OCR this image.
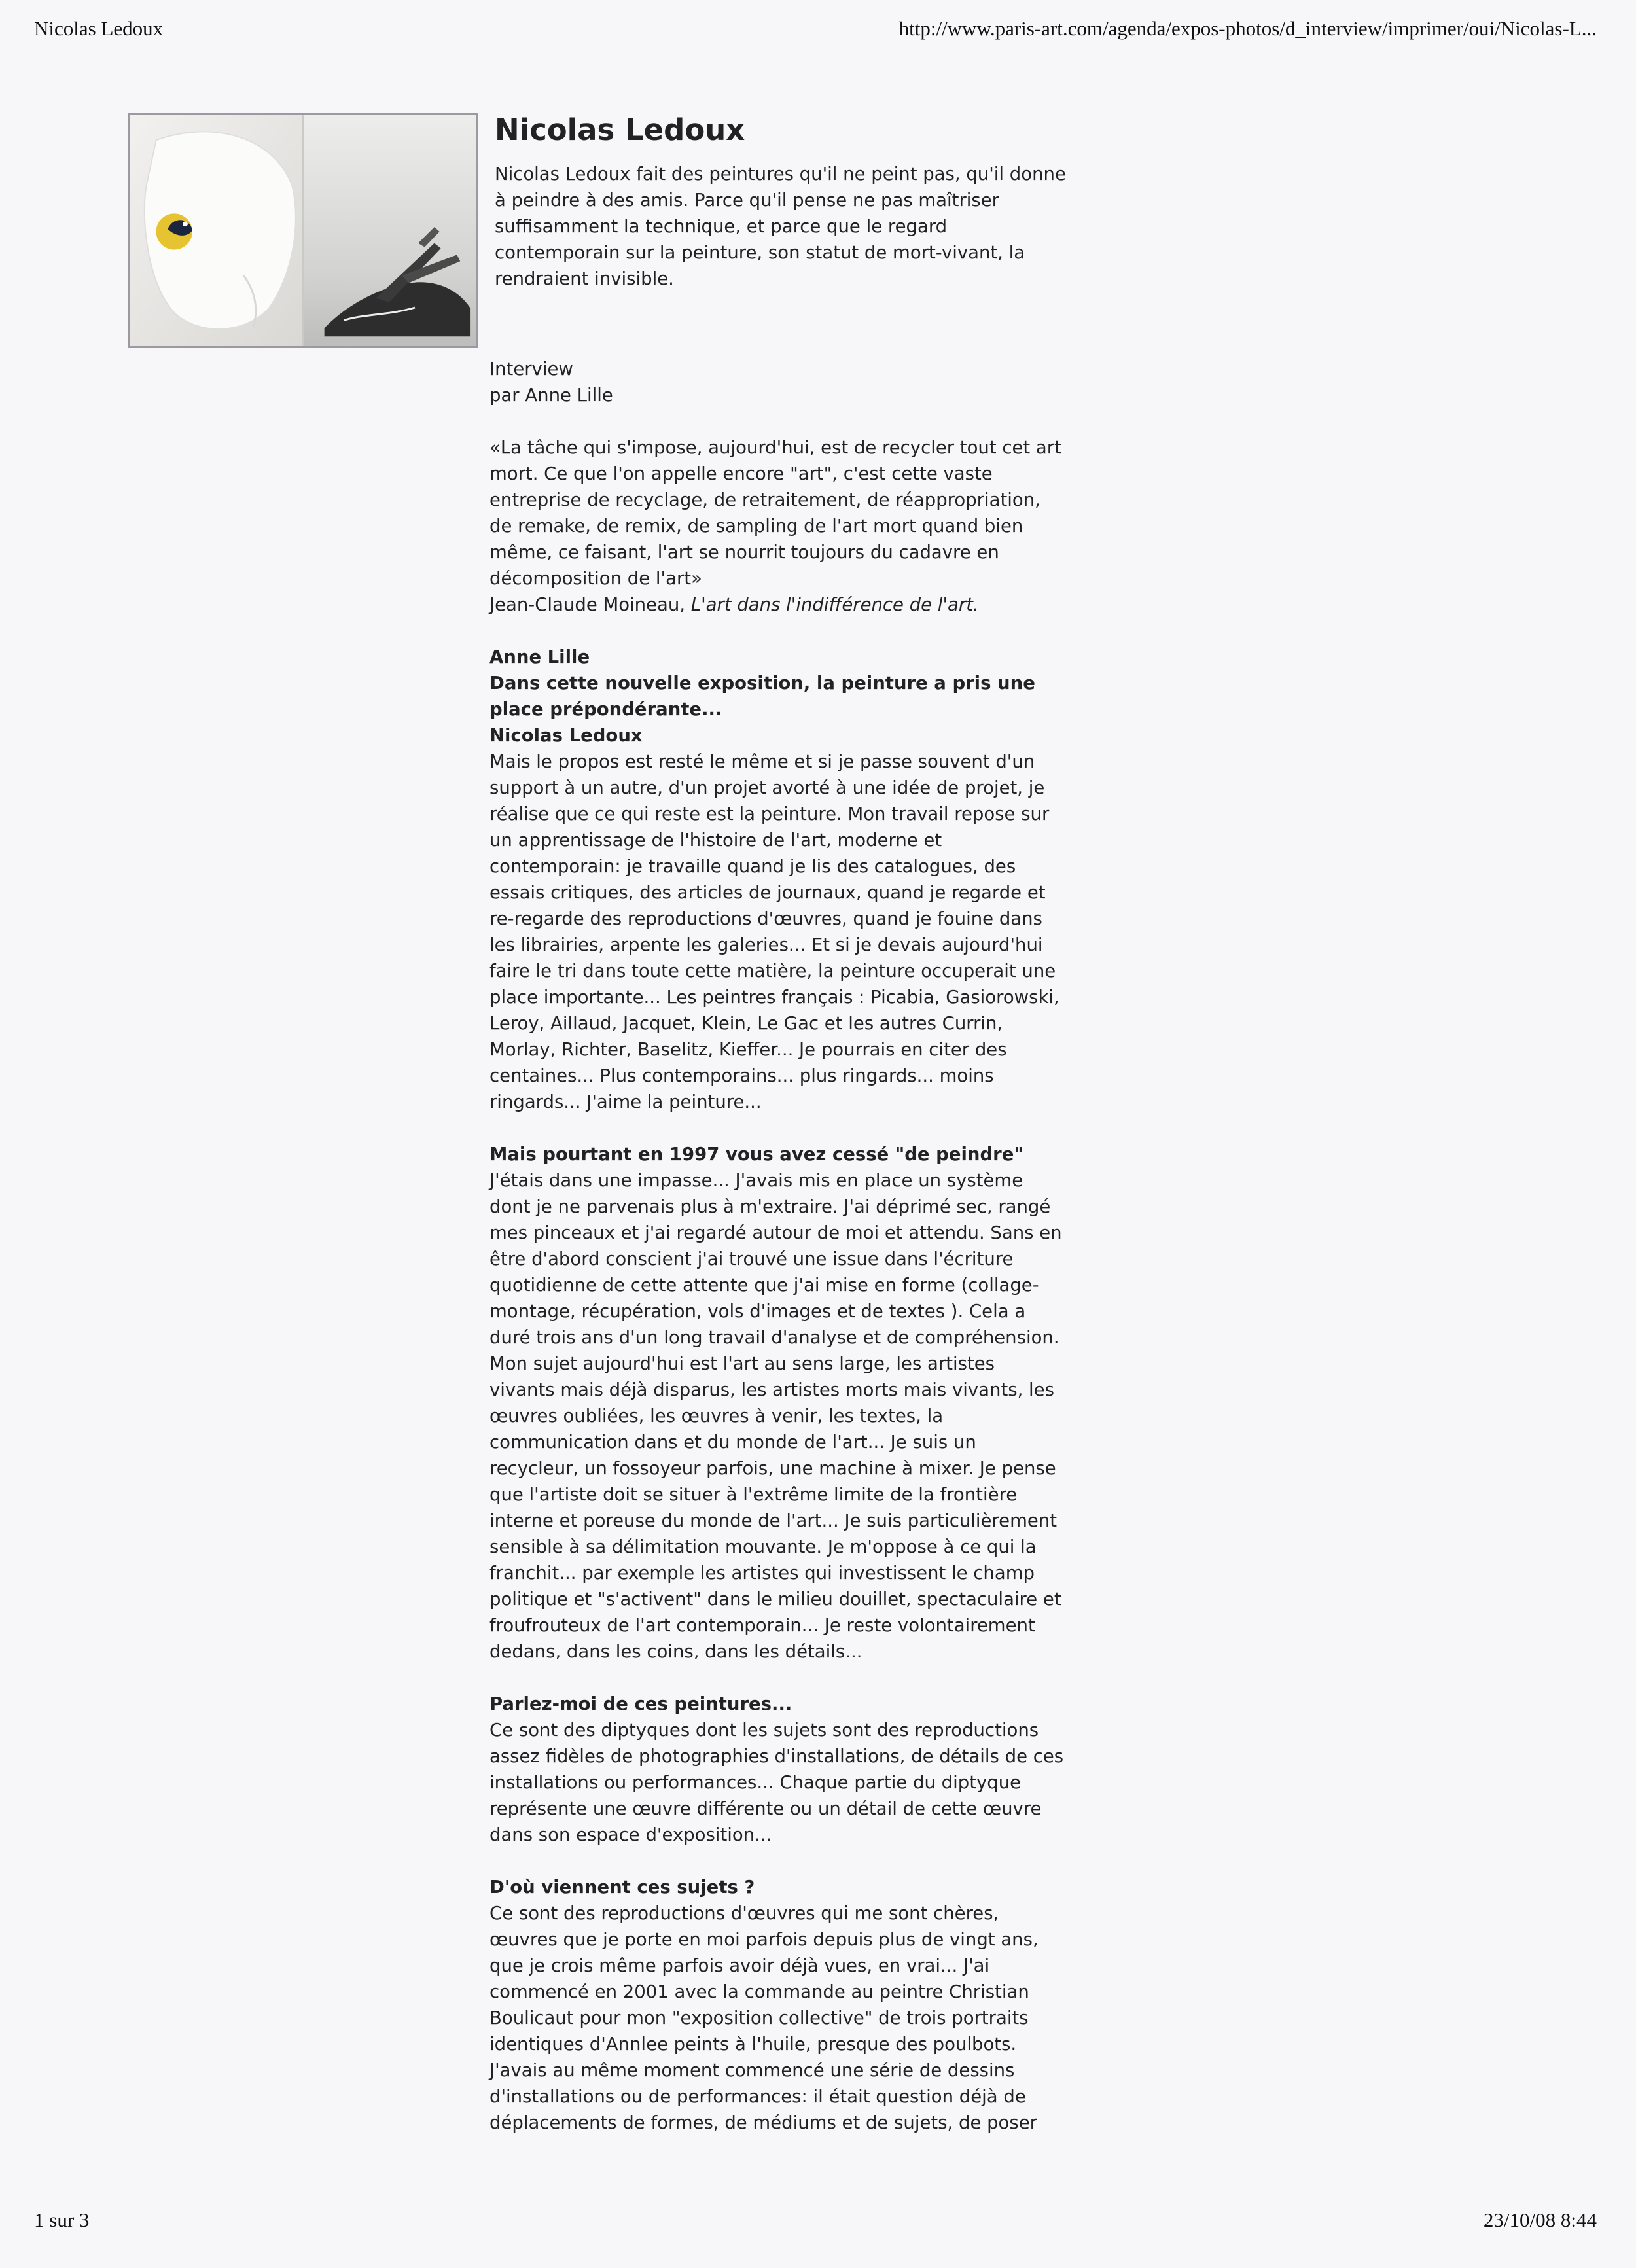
Nicolas Ledoux	http://www.paris-art.com/agenda/expos-photos/d_interview/imprimer/oui/Nicolas-L...
Nicolas Ledoux

Nicolas Ledoux fait des peintures qu'il ne peint pas, qu'il donne à peindre à des amis. Parce qu'il pense ne pas maîtriser suffisamment la technique, et parce que le regard contemporain sur la peinture, son statut de mort-vivant, la rendraient invisible.

Interview

par Anne Lille

«La tâche qui s'impose, aujourd'hui, est de recycler tout cet art mort. Ce que l'on appelle encore "art", c'est cette vaste entreprise de recyclage, de retraitement, de réappropriation, de remake, de remix, de sampling de l'art mort quand bien même, ce faisant, l'art se nourrit toujours du cadavre en décomposition de l'art»

Jean-Claude Moineau, L'art dans l'indifférence de l'art.

Anne Lille

Dans cette nouvelle exposition, la peinture a pris une place prépondérante...

Nicolas Ledoux

Mais le propos est resté le même et si je passe souvent d'un support à un autre, d'un projet avorté à une idée de projet, je réalise que ce qui reste est la peinture. Mon travail repose sur un apprentissage de l'histoire de l'art, moderne et contemporain: je travaille quand je lis des catalogues, des essais critiques, des articles de journaux, quand je regarde et re-regarde des reproductions d'œuvres, quand je fouine dans les librairies, arpente les galeries... Et si je devais aujourd'hui faire le tri dans toute cette matière, la peinture occuperait une place importante... Les peintres français : Picabia, Gasiorowski, Leroy, Aillaud, Jacquet, Klein, Le Gac et les autres Currin, Morlay, Richter, Baselitz, Kieffer... Je pourrais en citer des centaines... Plus contemporains... plus ringards... moins ringards... J'aime la peinture...

Mais pourtant en 1997 vous avez cessé "de peindre"

J'étais dans une impasse... J'avais mis en place un système dont je ne parvenais plus à m'extraire. J'ai déprimé sec, rangé mes pinceaux et j'ai regardé autour de moi et attendu. Sans en être d'abord conscient j'ai trouvé une issue dans l'écriture quotidienne de cette attente que j'ai mise en forme (collage-montage, récupération, vols d'images et de textes ). Cela a duré trois ans d'un long travail d'analyse et de compréhension. Mon sujet aujourd'hui est l'art au sens large, les artistes vivants mais déjà disparus, les artistes morts mais vivants, les œuvres oubliées, les œuvres à venir, les textes, la communication dans et du monde de l'art... Je suis un recycleur, un fossoyeur parfois, une machine à mixer. Je pense que l'artiste doit se situer à l'extrême limite de la frontière interne et poreuse du monde de l'art... Je suis particulièrement sensible à sa délimitation mouvante. Je m'oppose à ce qui la franchit... par exemple les artistes qui investissent le champ politique et "s'activent" dans le milieu douillet, spectaculaire et froufrouteux de l'art contemporain... Je reste volontairement dedans, dans les coins, dans les détails...

Parlez-moi de ces peintures...

Ce sont des diptyques dont les sujets sont des reproductions assez fidèles de photographies d'installations, de détails de ces installations ou performances... Chaque partie du diptyque représente une œuvre différente ou un détail de cette œuvre dans son espace d'exposition...

D'où viennent ces sujets ?

Ce sont des reproductions d'œuvres qui me sont chères, œuvres que je porte en moi parfois depuis plus de vingt ans, que je crois même parfois avoir déjà vues, en vrai... J'ai commencé en 2001 avec la commande au peintre Christian Boulicaut pour mon "exposition collective" de trois portraits identiques d'Annlee peints à l'huile, presque des poulbots. J'avais au même moment commencé une série de dessins d'installations ou de performances: il était question déjà de déplacements de formes, de médiums et de sujets, de poser

1 sur 3	23/10/08 8:44
